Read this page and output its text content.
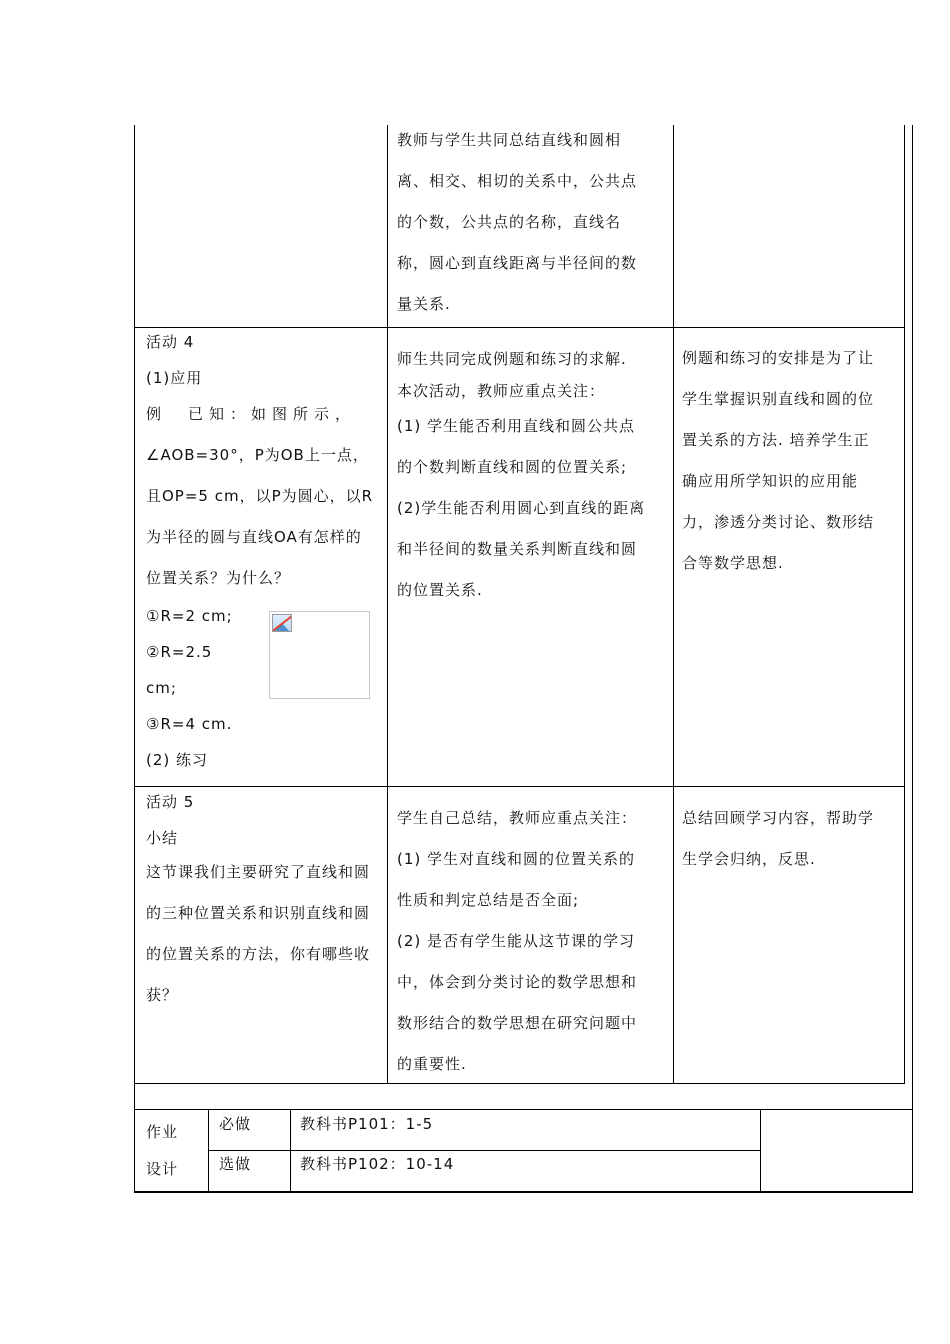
教师与学生共同总结直线和圆相

离、相交、相切的关系中，公共点

的个数，公共点的名称，直线名

称，圆心到直线距离与半径间的数

量关系.

活动 4

(1)应用

例　已知：如图所示，

∠AOB=30°，P为OB上一点，

且OP=5 cm，以P为圆心，以R

为半径的圆与直线OA有怎样的

位置关系？为什么？

①R=2 cm;

②R=2.5

cm;

③R=4 cm.

(2) 练习

师生共同完成例题和练习的求解.

本次活动，教师应重点关注：

(1) 学生能否利用直线和圆公共点

的个数判断直线和圆的位置关系;

(2)学生能否利用圆心到直线的距离

和半径间的数量关系判断直线和圆

的位置关系.

例题和练习的安排是为了让

学生掌握识别直线和圆的位

置关系的方法. 培养学生正

确应用所学知识的应用能

力，渗透分类讨论、数形结

合等数学思想.

活动 5

小结

这节课我们主要研究了直线和圆

的三种位置关系和识别直线和圆

的位置关系的方法，你有哪些收

获？

学生自己总结，教师应重点关注：

(1) 学生对直线和圆的位置关系的

性质和判定总结是否全面;

(2) 是否有学生能从这节课的学习

中，体会到分类讨论的数学思想和

数形结合的数学思想在研究问题中

的重要性.

总结回顾学习内容，帮助学

生学会归纳，反思.

作业

设计

必做	教科书P101：1-5
选做	教科书P102：10-14
